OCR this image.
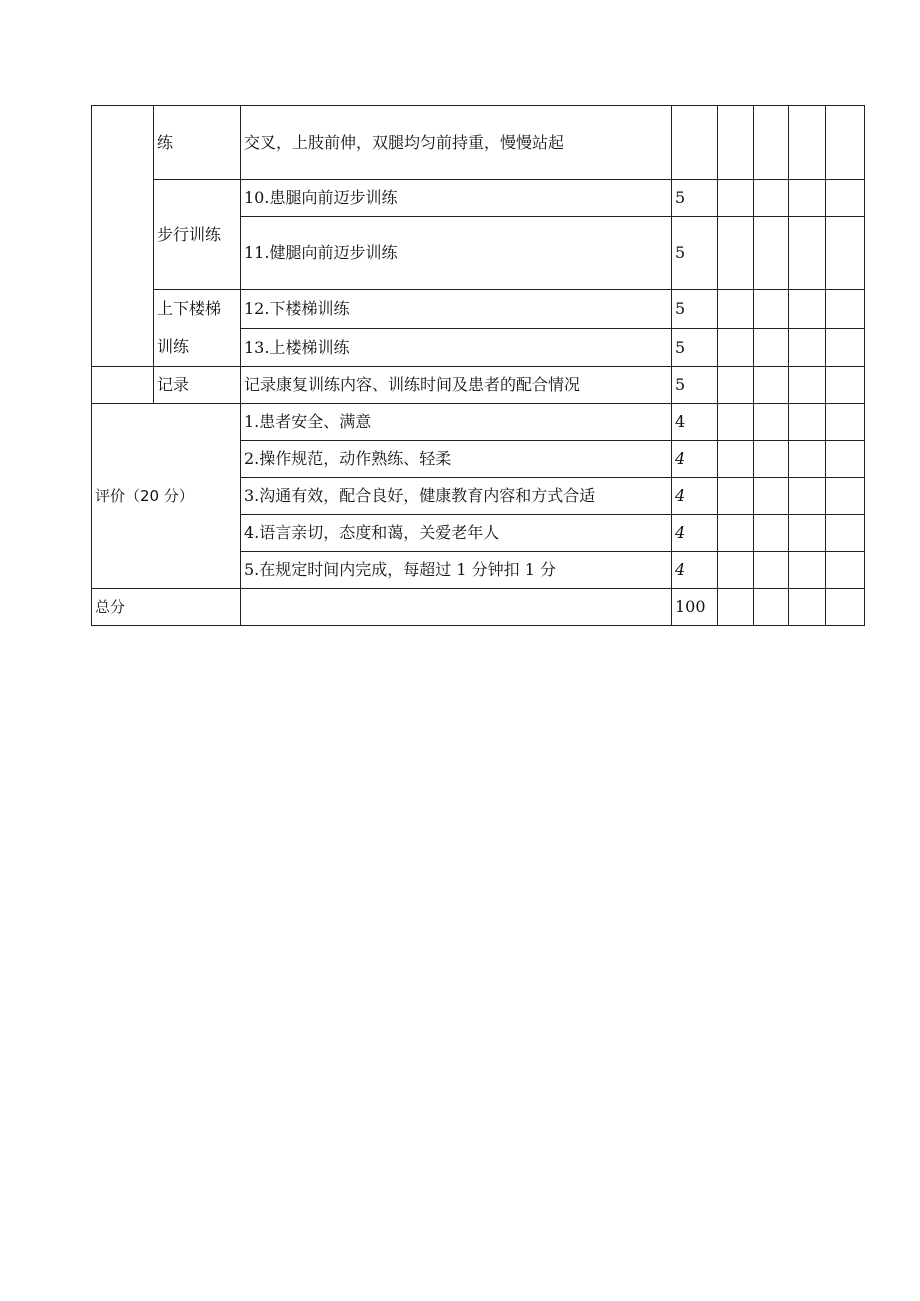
	练	交叉，上肢前伸，双腿均匀前持重，慢慢站起					

	步行训练	10.患腿向前迈步训练	5				
		11.健腿向前迈步训练	5				

	上下楼梯训练	12.下楼梯训练	5				
		13.上楼梯训练	5				
	记录	记录康复训练内容、训练时间及患者的配合情况	5				
评价（20 分）		1.患者安全、满意	4				
		2.操作规范，动作熟练、轻柔	4				
		3.沟通有效，配合良好，健康教育内容和方式合适	4				
		4.语言亲切，态度和蔼，关爱老年人	4				
		5.在规定时间内完成，每超过 1 分钟扣 1 分	4				
总分			100				
